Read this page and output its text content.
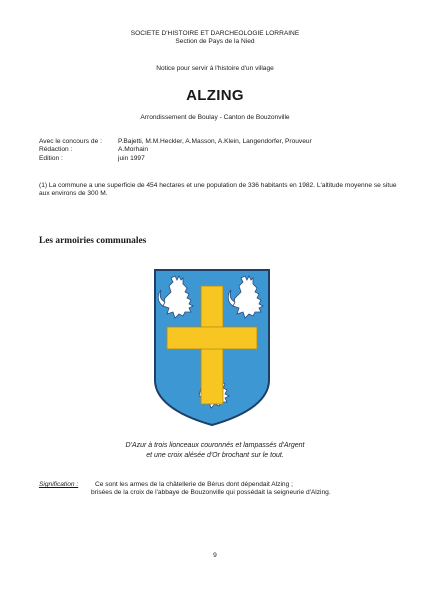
SOCIETE D'HISTOIRE ET DARCHEOLOGIE LORRAINE
Section de Pays de la Nied
Notice pour servir à l'histoire d'un village
ALZING
Arrondissement de Boulay - Canton de Bouzonville
Avec le concours de :	P.Bajetti, M.M.Heckler, A.Masson, A.Klein, Langendorfer, Prouveur
Rédaction :	A.Morhain
Edition :	juin 1997
(1) La commune a une superficie de 454 hectares et une population de 336 habitants en 1982. L'altitude moyenne se situe aux environs de 300 M.
Les armoiries communales
D'Azur à trois lionceaux couronnés et lampassés d'Argent
et une croix alésée d'Or brochant sur le tout.
Signification :	Ce sont les armes de la châtellerie de Bérus dont dépendait Alzing ;
brisées de la croix de l'abbaye de Bouzonville qui possédait la seigneurie d'Alzing.
9
